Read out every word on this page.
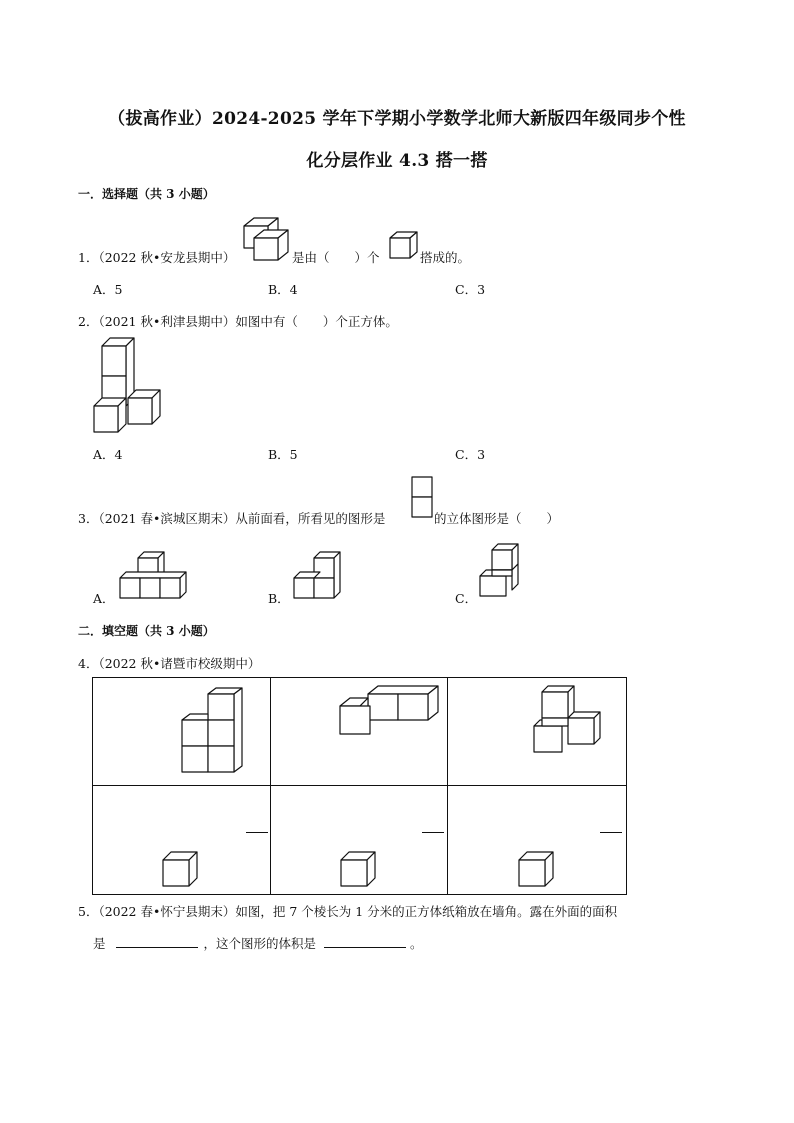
（拔高作业）2024-2025 学年下学期小学数学北师大新版四年级同步个性
化分层作业 4.3 搭一搭
一．选择题（共 3 小题）
1．（2022 秋•安龙县期中）	是由（　　）个	搭成的。
A．5	B．4	C．3
2．（2021 秋•利津县期中）如图中有（　　）个正方体。
A．4	B．5	C．3
3．（2021 春•滨城区期末）从前面看，所看见的图形是	的立体图形是（　　）
A．	B．	C．
二．填空题（共 3 小题）
4．（2022 秋•诸暨市校级期中）
5．（2022 春•怀宁县期末）如图，把 7 个棱长为 1 分米的正方体纸箱放在墙角。露在外面的面积
是	，这个图形的体积是	。
